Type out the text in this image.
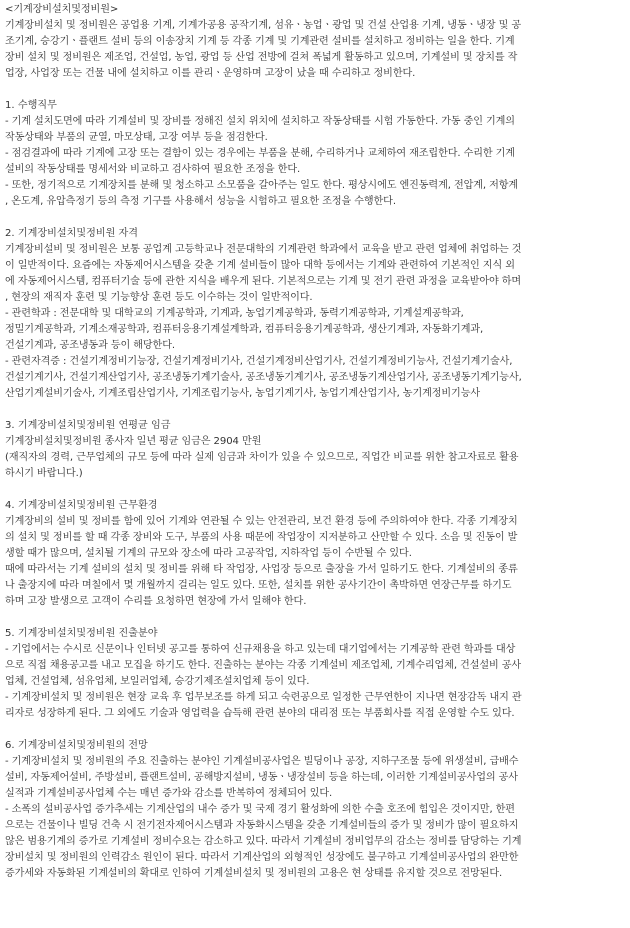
<기계장비설치및정비원>
기계장비설치 및 정비원은 공업용 기계, 기계가공용 공작기계, 섬유ㆍ농업ㆍ광업 및 건설 산업용 기계, 냉동ㆍ냉장 및 공
조기계, 승강기ㆍ플랜트 설비 등의 이송장치 기계 등 각종 기계 및 기계관련 설비를 설치하고 정비하는 일을 한다. 기계
장비 설치 및 정비원은 제조업, 건설업, 농업, 광업 등 산업 전방에 걸쳐 폭넓게 활동하고 있으며, 기계설비 및 장치를 작
업장, 사업장 또는 건물 내에 설치하고 이를 관리ㆍ운영하며 고장이 났을 때 수리하고 정비한다.
1. 수행직무
- 기계 설치도면에 따라 기계설비 및 장비를 정해진 설치 위치에 설치하고 작동상태를 시험 가동한다. 가동 중인 기계의
작동상태와 부품의 균열, 마모상태, 고장 여부 등을 점검한다.
- 점검결과에 따라 기계에 고장 또는 결함이 있는 경우에는 부품을 분해, 수리하거나 교체하여 재조립한다. 수리한 기계
설비의 작동상태를 명세서와 비교하고 검사하여 필요한 조정을 한다.
- 또한, 정기적으로 기계장치를 분해 및 청소하고 소모품을 갈아주는 일도 한다. 평상시에도 엔진동력계, 전압계, 저항계
, 온도계, 유압측정기 등의 측정 기구를 사용해서 성능을 시험하고 필요한 조정을 수행한다.
2. 기계장비설치및정비원 자격
기계장비설비 및 정비원은 보통 공업계 고등학교나 전문대학의 기계관련 학과에서 교육을 받고 관련 업체에 취업하는 것
이 일반적이다. 요즘에는 자동제어시스템을 갖춘 기계 설비들이 많아 대학 등에서는 기계와 관련하여 기본적인 지식 외
에 자동제어시스템, 컴퓨터기술 등에 관한 지식을 배우게 된다. 기본적으로는 기계 및 전기 관련 과정을 교육받아야 하며
, 현장의 재직자 훈련 및 기능향상 훈련 등도 이수하는 것이 일반적이다.
- 관련학과 : 전문대학 및 대학교의 기계공학과, 기계과, 농업기계공학과, 동력기계공학과, 기계설계공학과,
정밀기계공학과, 기계소재공학과, 컴퓨터응용기계설계학과, 컴퓨터응용기계공학과, 생산기계과, 자동화기계과,
건설기계과, 공조냉동과 등이 해당한다.
- 관련자격증 : 건설기계정비기능장, 건설기계정비기사, 건설기계정비산업기사, 건설기계정비기능사, 건설기계기술사,
건설기계기사, 건설기계산업기사, 공조냉동기계기술사, 공조냉동기계기사, 공조냉동기계산업기사, 공조냉동기계기능사,
산업기계설비기술사, 기계조립산업기사, 기계조립기능사, 농업기계기사, 농업기계산업기사, 농기계정비기능사
3. 기계장비설치및정비원 연평균 임금
기계장비설치및정비원 종사자 일년 평균 임금은 2904 만원
(재직자의 경력, 근무업체의 규모 등에 따라 실제 임금과 차이가 있을 수 있으므로, 직업간 비교를 위한 참고자료로 활용
하시기 바랍니다.)
4. 기계장비설치및정비원 근무환경
기계장비의 설비 및 정비를 함에 있어 기계와 연관될 수 있는 안전관리, 보건 환경 등에 주의하여야 한다. 각종 기계장치
의 설치 및 정비를 할 때 각종 장비와 도구, 부품의 사용 때문에 작업장이 지저분하고 산만할 수 있다. 소음 및 진동이 발
생할 때가 많으며, 설치될 기계의 규모와 장소에 따라 고공작업, 지하작업 등이 수반될 수 있다.
때에 따라서는 기계 설비의 설치 및 정비를 위해 타 작업장, 사업장 등으로 출장을 가서 일하기도 한다. 기계설비의 종류
나 출장지에 따라 며칠에서 몇 개월까지 걸리는 일도 있다. 또한, 설치를 위한 공사기간이 촉박하면 연장근무를 하기도
하며 고장 발생으로 고객이 수리를 요청하면 현장에 가서 일해야 한다.
5. 기계장비설치및정비원 진출분야
- 기업에서는 수시로 신문이나 인터넷 공고를 통하여 신규채용을 하고 있는데 대기업에서는 기계공학 관련 학과를 대상
으로 직접 채용공고를 내고 모집을 하기도 한다. 진출하는 분야는 각종 기계설비 제조업체, 기계수리업체, 건설설비 공사
업체, 건설업체, 섬유업체, 보일러업체, 승강기제조설치업체 등이 있다.
- 기계장비설치 및 정비원은 현장 교육 후 업무보조를 하게 되고 숙련공으로 일정한 근무연한이 지나면 현장감독 내지 관
리자로 성장하게 된다. 그 외에도 기술과 영업력을 습득해 관련 분야의 대리점 또는 부품회사를 직접 운영할 수도 있다.
6. 기계장비설치및정비원의 전망
- 기계장비설치 및 정비원의 주요 진출하는 분야인 기계설비공사업은 빌딩이나 공장, 지하구조물 등에 위생설비, 급배수
설비, 자동제어설비, 주방설비, 플랜트설비, 공해방지설비, 냉동ㆍ냉장설비 등을 하는데, 이러한 기계설비공사업의 공사
실적과 기계설비공사업체 수는 매년 증가와 감소를 반복하여 정체되어 있다.
- 소폭의 설비공사업 증가추세는 기계산업의 내수 증가 및 국제 경기 활성화에 의한 수출 호조에 힘입은 것이지만, 한편
으로는 건물이나 빌딩 건축 시 전기전자제어시스템과 자동화시스템을 갖춘 기계설비들의 증가 및 정비가 많이 필요하지
않은 범용기계의 증가로 기계설비 정비수요는 감소하고 있다. 따라서 기계설비 정비업무의 감소는 정비를 담당하는 기계
장비설치 및 정비원의 인력감소 원인이 된다. 따라서 기계산업의 외형적인 성장에도 불구하고 기계설비공사업의 완만한
증가세와 자동화된 기계설비의 확대로 인하여 기계설비설치 및 정비원의 고용은 현 상태를 유지할 것으로 전망된다.
